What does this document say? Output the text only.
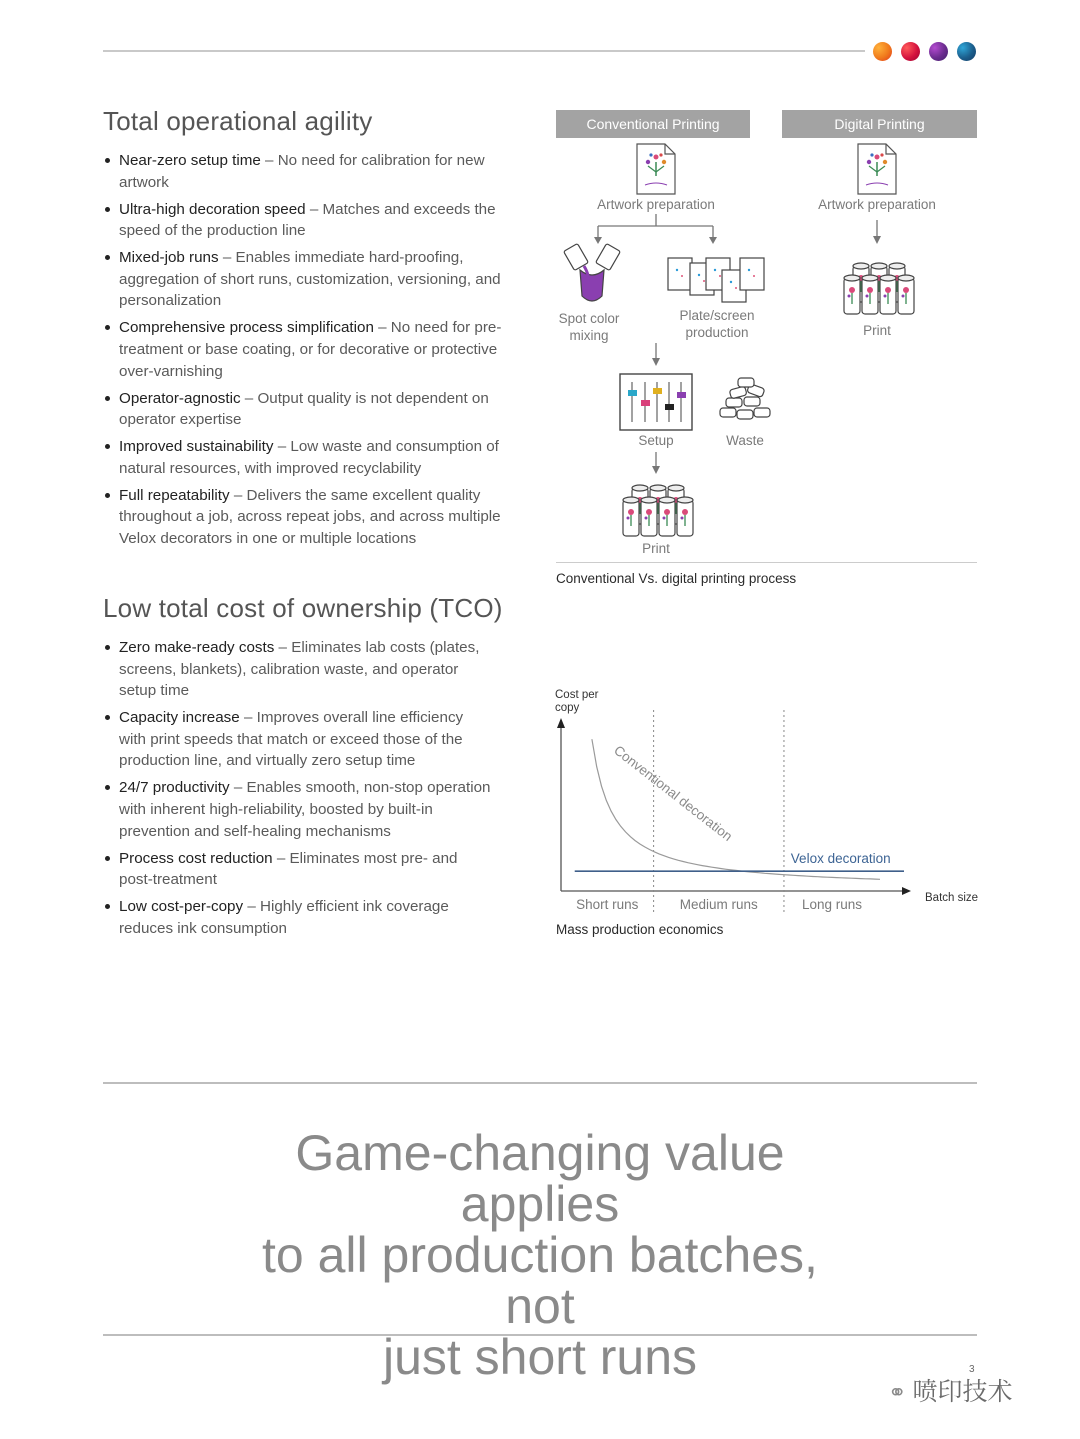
Total operational agility
Near-zero setup time – No need for calibration for new artwork
Ultra-high decoration speed – Matches and exceeds the speed of the production line
Mixed-job runs – Enables immediate hard-proofing, aggregation of short runs, customization, versioning, and personalization
Comprehensive process simplification – No need for pre-treatment or base coating, or for decorative or protective over-varnishing
Operator-agnostic – Output quality is not dependent on operator expertise
Improved sustainability – Low waste and consumption of natural resources, with improved recyclability
Full repeatability – Delivers the same excellent quality throughout a job, across repeat jobs, and across multiple Velox decorators in one or multiple locations
Low total cost of ownership (TCO)
Zero make-ready costs – Eliminates lab costs (plates, screens, blankets), calibration waste, and operator setup time
Capacity increase – Improves overall line efficiency with print speeds that match or exceed those of the production line, and virtually zero setup time
24/7 productivity – Enables smooth, non-stop operation with inherent high-reliability, boosted by built-in prevention and self-healing mechanisms
Process cost reduction – Eliminates most pre- and post-treatment
Low cost-per-copy – Highly efficient ink coverage reduces ink consumption
Conventional Printing	Digital Printing
Artwork preparation	Artwork preparation
Spot color mixing
Plate/screen production
Setup	Waste
Print
Print
Conventional Vs. digital printing process
Cost per
copy
Batch size
Short runs	Medium runs	Long runs
Conventional decoration
Velox decoration
Mass production economics
Game-changing value applies
to all production batches, not
just short runs	3
⚭ 喷印技术
